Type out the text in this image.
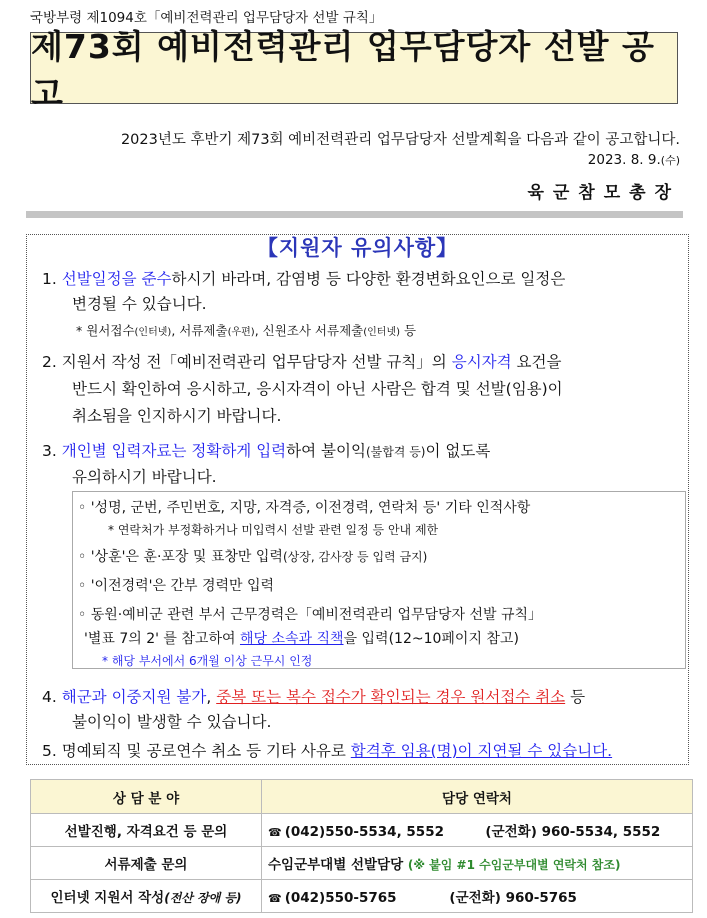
국방부령 제1094호「예비전력관리 업무담당자 선발 규칙」
제73회 예비전력관리 업무담당자 선발 공고
2023년도 후반기 제73회 예비전력관리 업무담당자 선발계획을 다음과 같이 공고합니다.
2023. 8. 9.(수)
육군참모총장
【지원자 유의사항】
1. 선발일정을 준수하시기 바라며, 감염병 등 다양한 환경변화요인으로 일정은
변경될 수 있습니다.
* 원서접수(인터넷), 서류제출(우편), 신원조사 서류제출(인터넷) 등
2. 지원서 작성 전「예비전력관리 업무담당자 선발 규칙」의 응시자격 요건을
반드시 확인하여 응시하고, 응시자격이 아닌 사람은 합격 및 선발(임용)이
취소됨을 인지하시기 바랍니다.
3. 개인별 입력자료는 정확하게 입력하여 불이익(불합격 등)이 없도록
유의하시기 바랍니다.
◦ '성명, 군번, 주민번호, 지망, 자격증, 이전경력, 연락처 등' 기타 인적사항
* 연락처가 부정확하거나 미입력시 선발 관련 일정 등 안내 제한
◦ '상훈'은 훈·포장 및 표창만 입력(상장, 감사장 등 입력 금지)
◦ '이전경력'은 간부 경력만 입력
◦ 동원·예비군 관련 부서 근무경력은「예비전력관리 업무담당자 선발 규칙」
'별표 7의 2' 를 참고하여 해당 소속과 직책을 입력(12~10페이지 참고)
* 해당 부서에서 6개월 이상 근무시 인정
4. 해군과 이중지원 불가, 중복 또는 복수 접수가 확인되는 경우 원서접수 취소 등
불이익이 발생할 수 있습니다.
5. 명예퇴직 및 공로연수 취소 등 기타 사유로 합격후 임용(명)이 지연될 수 있습니다.
상 담 분 야	담당 연락처
선발진행, 자격요건 등 문의	☎ (042)550-5534, 5552 (군전화) 960-5534, 5552
서류제출 문의	수임군부대별 선발담당 (※ 붙임 #1 수임군부대별 연락처 참조)
인터넷 지원서 작성(전산 장애 등)	☎ (042)550-5765 (군전화) 960-5765
